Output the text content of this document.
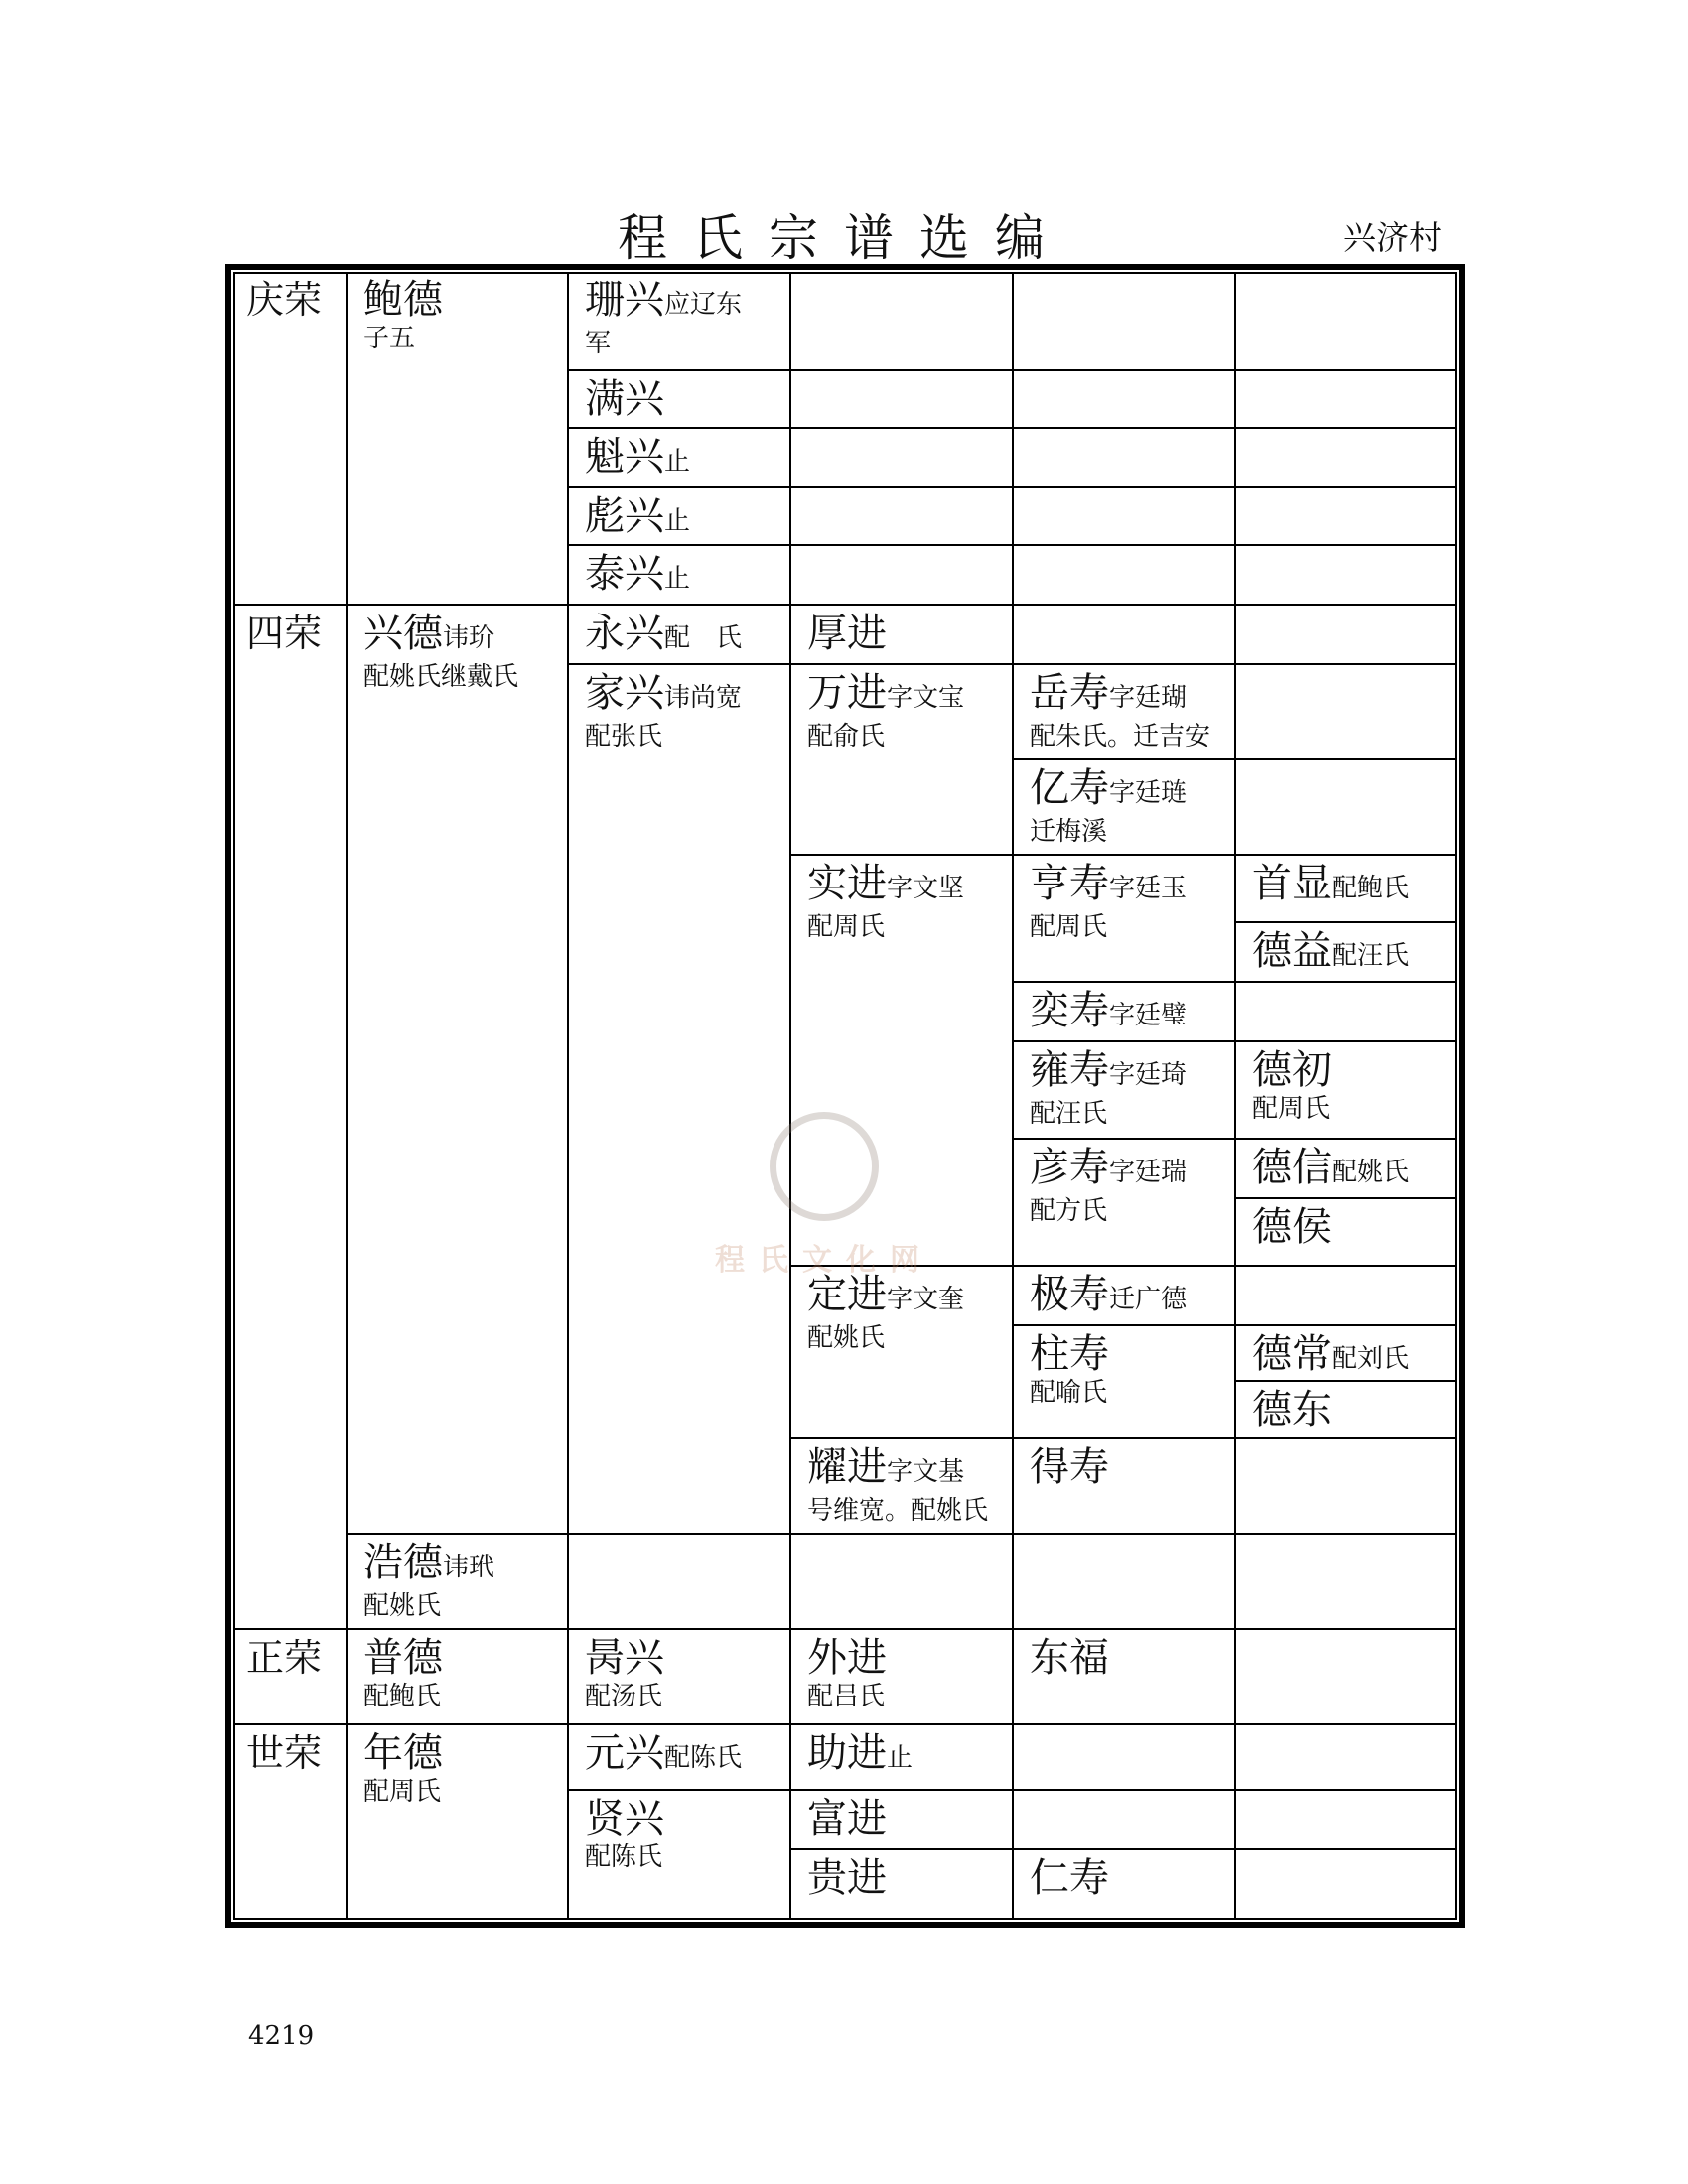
程氏宗谱选编	兴济村
程氏文化网
庆荣 鲍德
子五
珊兴应辽东
军
满兴
魁兴止
彪兴止
泰兴止
四荣 兴德讳玠
配姚氏继戴氏
永兴配　氏 厚进
家兴讳尚宽
配张氏
万进字文宝
配俞氏
岳寿字廷瑚
配朱氏。迁吉安
亿寿字廷琏
迁梅溪
实进字文坚
配周氏
亨寿字廷玉
配周氏
首显配鲍氏
德益配汪氏
奕寿字廷璧
雍寿字廷琦
配汪氏
德初
配周氏
彦寿字廷瑞
配方氏
德信配姚氏
德侯
定进字文奎
配姚氏
极寿迁广德
柱寿
配喻氏
德常配刘氏
德东
耀进字文基
号维宽。配姚氏
得寿
浩德讳玳
配姚氏
正荣 普德
配鲍氏
昺兴
配汤氏
外进
配吕氏
东福
世荣 年德
配周氏
元兴配陈氏 助进止
贤兴
配陈氏
富进
贵进	仁寿
4219
